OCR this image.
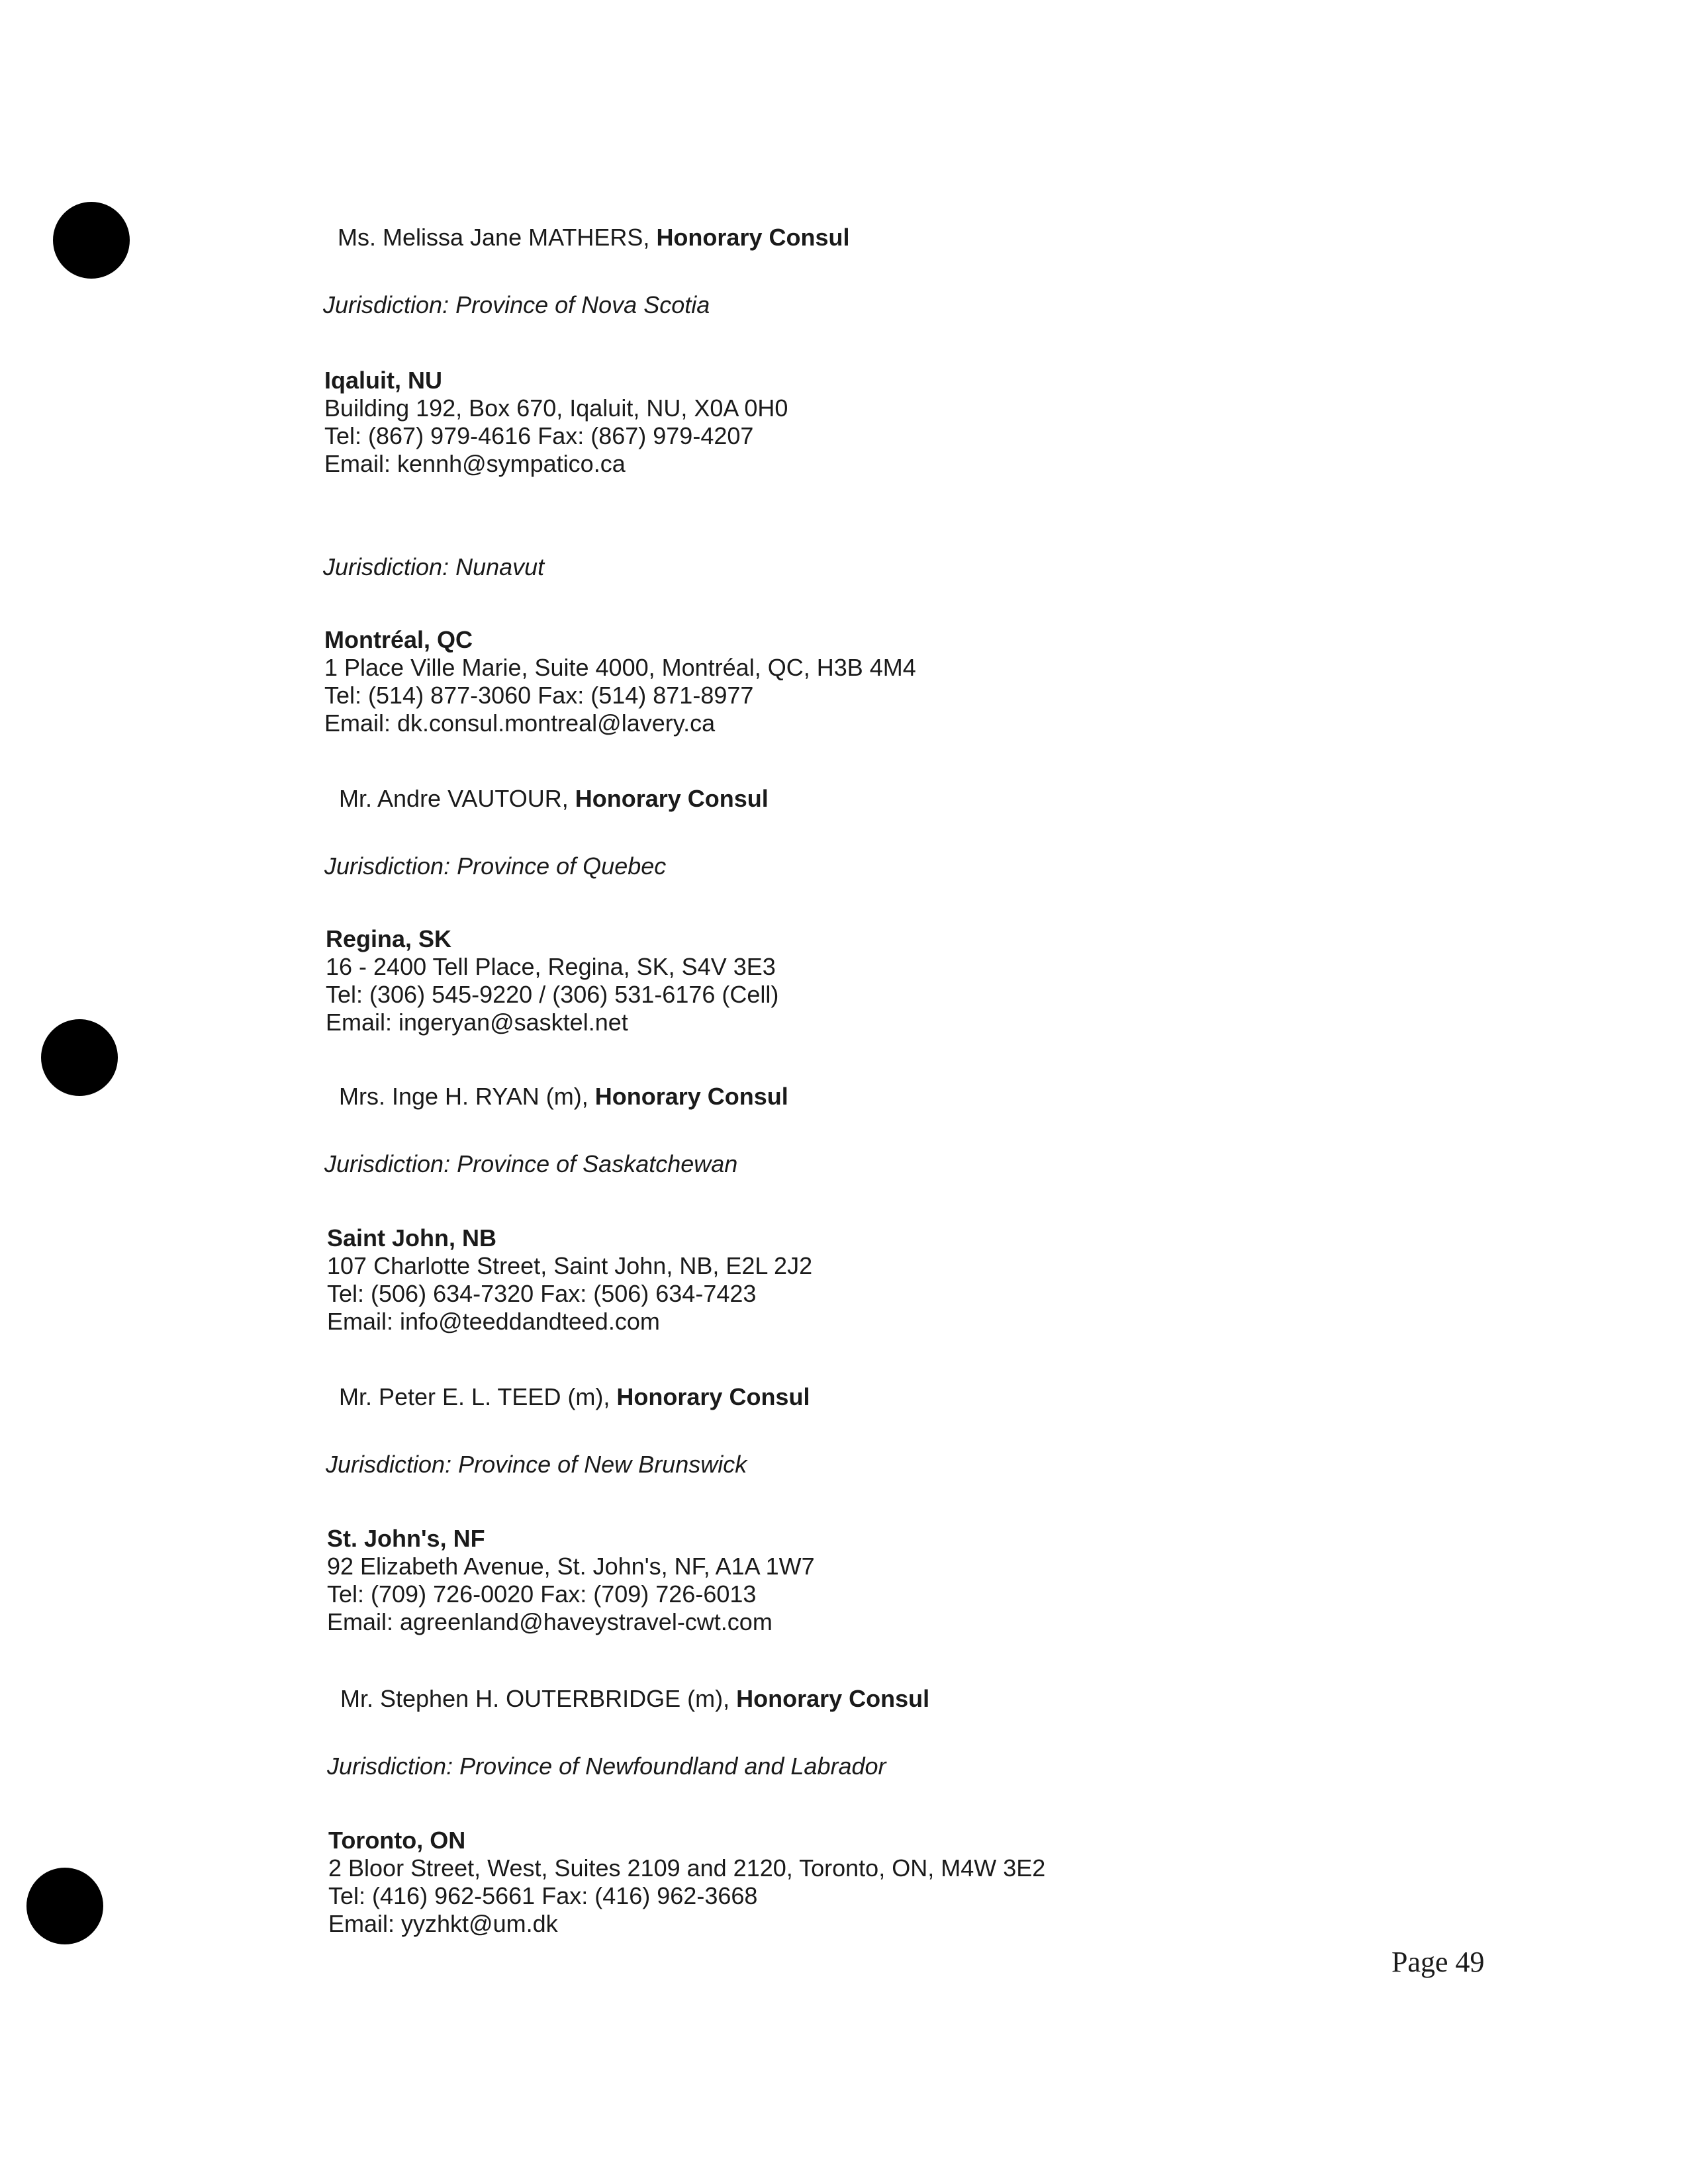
Ms. Melissa Jane MATHERS, Honorary Consul
Jurisdiction: Province of Nova Scotia
Iqaluit, NU
Building 192, Box 670, Iqaluit, NU, X0A 0H0
Tel: (867) 979-4616 Fax: (867) 979-4207
Email: kennh@sympatico.ca
Jurisdiction: Nunavut
Montréal, QC
1 Place Ville Marie, Suite 4000, Montréal, QC, H3B 4M4
Tel: (514) 877-3060 Fax: (514) 871-8977
Email: dk.consul.montreal@lavery.ca
Mr. Andre VAUTOUR, Honorary Consul
Jurisdiction: Province of Quebec
Regina, SK
16 - 2400 Tell Place, Regina, SK, S4V 3E3
Tel: (306) 545-9220 / (306) 531-6176 (Cell)
Email: ingeryan@sasktel.net
Mrs. Inge H. RYAN (m), Honorary Consul
Jurisdiction: Province of Saskatchewan
Saint John, NB
107 Charlotte Street, Saint John, NB, E2L 2J2
Tel: (506) 634-7320 Fax: (506) 634-7423
Email: info@teeddandteed.com
Mr. Peter E. L. TEED (m), Honorary Consul
Jurisdiction: Province of New Brunswick
St. John's, NF
92 Elizabeth Avenue, St. John's, NF, A1A 1W7
Tel: (709) 726-0020 Fax: (709) 726-6013
Email: agreenland@haveystravel-cwt.com
Mr. Stephen H. OUTERBRIDGE (m), Honorary Consul
Jurisdiction: Province of Newfoundland and Labrador
Toronto, ON
2 Bloor Street, West, Suites 2109 and 2120, Toronto, ON, M4W 3E2
Tel: (416) 962-5661 Fax: (416) 962-3668
Email: yyzhkt@um.dk
Page 49
